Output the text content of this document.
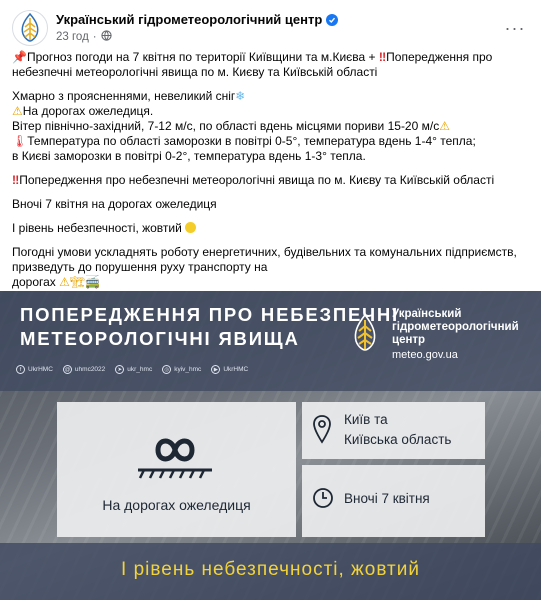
Український гідрометеорологічний центр
23 год ·	···

📌Прогноз погоди на 7 квітня по території Київщини та м.Києва + ‼Попередження про небезпечні метеорологічні явища по м. Києву та Київській області

Хмарно з проясненнями, невеликий сніг❄

⚠На дорогах ожеледиця.

Вітер північно-західний, 7-12 м/с, по області вдень місцями пориви 15-20 м/с⚠

🌡Температура по області заморозки в повітрі 0-5°, температура вдень 1-4° тепла;

в Києві заморозки в повітрі 0-2°, температура вдень 1-3° тепла.

‼Попередження про небезпечні метеорологічні явища по м. Києву та Київській області

Вночі 7 квітня на дорогах ожеледиця

І рівень небезпечності, жовтий

Погодні умови ускладнять роботу енергетичних, будівельних та комунальних підприємств, призведуть до порушення руху транспорту на

дорогах ⚠🏗🚎

ПОПЕРЕДЖЕННЯ ПРО НЕБЕЗПЕЧНІ
МЕТЕОРОЛОГІЧНІ ЯВИЩА
Український
гідрометеорологічний
центр
meteo.gov.ua
f	UkrHMC	@ uhmc2022	➤ ukr_hmc	◎ kyiv_hmc	▶ UkrHMC
На дорогах ожеледиця
Київ та
Київська область
Вночі 7 квітня
І рівень небезпечності, жовтий
